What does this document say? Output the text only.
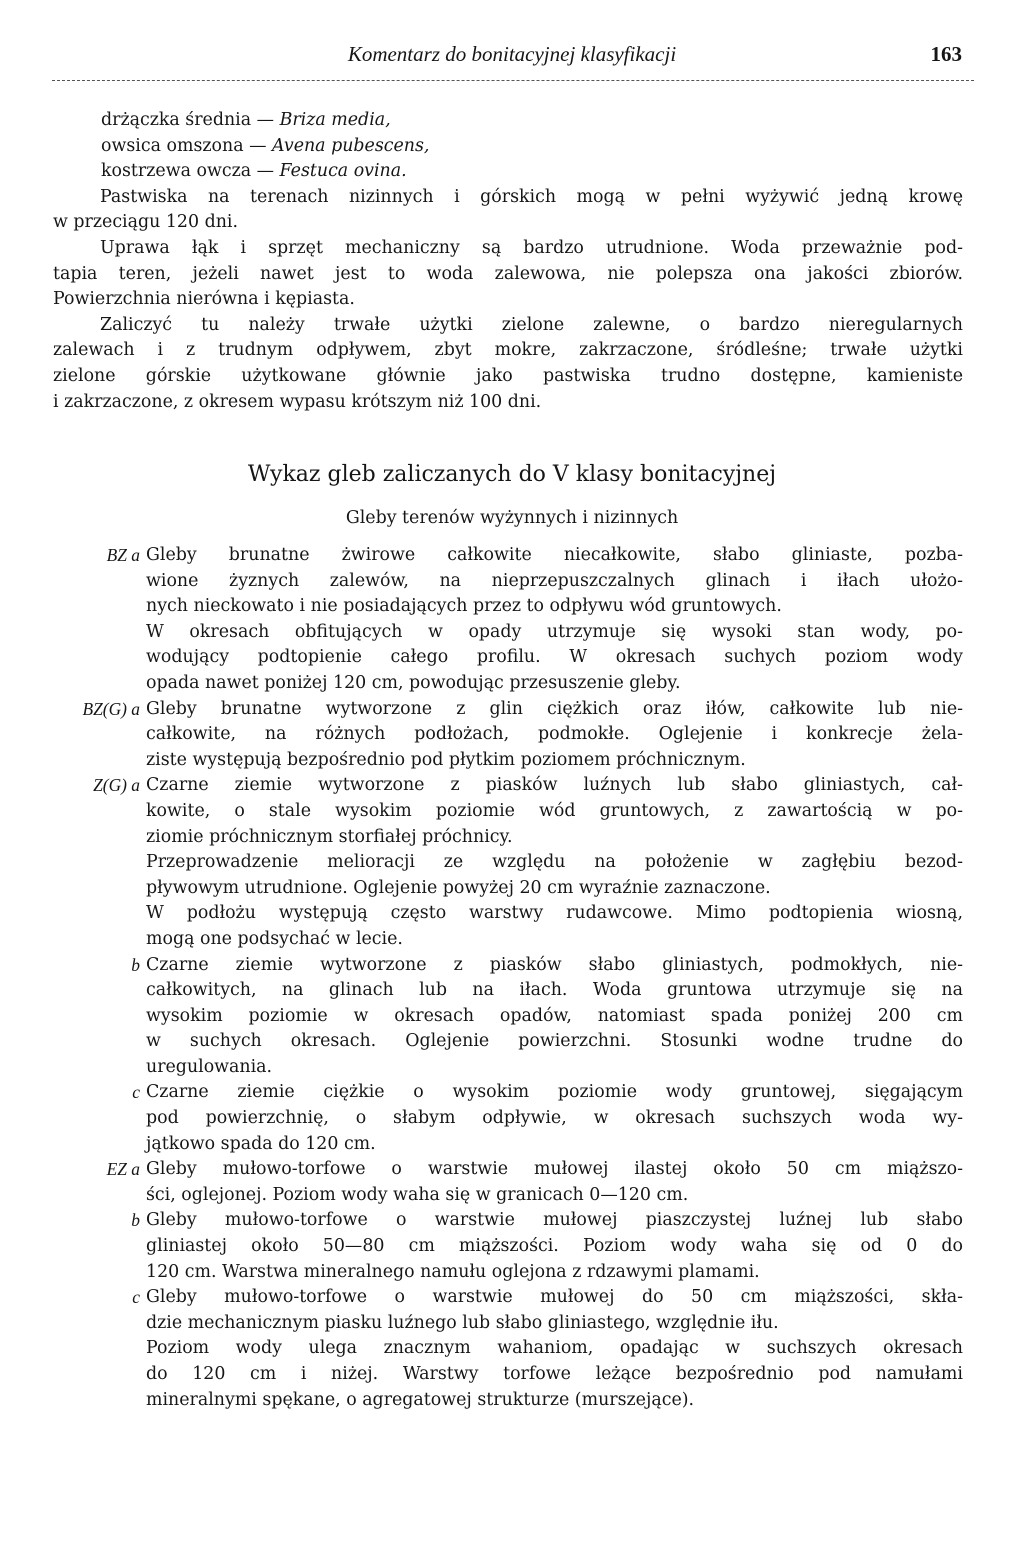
Komentarz do bonitacyjnej klasyfikacji	163
drżączka średnia — Briza media,
owsica omszona — Avena pubescens,
kostrzewa owcza — Festuca ovina.
Pastwiska na terenach nizinnych i górskich mogą w pełni wyżywić jedną krowę
w przeciągu 120 dni.
Uprawa łąk i sprzęt mechaniczny są bardzo utrudnione. Woda przeważnie pod-
tapia teren, jeżeli nawet jest to woda zalewowa, nie polepsza ona jakości zbiorów.
Powierzchnia nierówna i kępiasta.
Zaliczyć tu należy trwałe użytki zielone zalewne, o bardzo nieregularnych
zalewach i z trudnym odpływem, zbyt mokre, zakrzaczone, śródleśne; trwałe użytki
zielone górskie użytkowane głównie jako pastwiska trudno dostępne, kamieniste
i zakrzaczone, z okresem wypasu krótszym niż 100 dni.
Wykaz gleb zaliczanych do V klasy bonitacyjnej
Gleby terenów wyżynnych i nizinnych
BZ a Gleby brunatne żwirowe całkowite niecałkowite, słabo gliniaste, pozba-
wione żyznych zalewów, na nieprzepuszczalnych glinach i iłach ułożo-
nych nieckowato i nie posiadających przez to odpływu wód gruntowych.
W okresach obfitujących w opady utrzymuje się wysoki stan wody, po-
wodujący podtopienie całego profilu. W okresach suchych poziom wody
opada nawet poniżej 120 cm, powodując przesuszenie gleby.
BZ(G) a Gleby brunatne wytworzone z glin ciężkich oraz iłów, całkowite lub nie-
całkowite, na różnych podłożach, podmokłe. Oglejenie i konkrecje żela-
ziste występują bezpośrednio pod płytkim poziomem próchnicznym.
Z(G) a Czarne ziemie wytworzone z piasków luźnych lub słabo gliniastych, cał-
kowite, o stale wysokim poziomie wód gruntowych, z zawartością w po-
ziomie próchnicznym storfiałej próchnicy.
Przeprowadzenie melioracji ze względu na położenie w zagłębiu bezod-
pływowym utrudnione. Oglejenie powyżej 20 cm wyraźnie zaznaczone.
W podłożu występują często warstwy rudawcowe. Mimo podtopienia wiosną,
mogą one podsychać w lecie.
b Czarne ziemie wytworzone z piasków słabo gliniastych, podmokłych, nie-
całkowitych, na glinach lub na iłach. Woda gruntowa utrzymuje się na
wysokim poziomie w okresach opadów, natomiast spada poniżej 200 cm
w suchych okresach. Oglejenie powierzchni. Stosunki wodne trudne do
uregulowania.
c Czarne ziemie ciężkie o wysokim poziomie wody gruntowej, sięgającym
pod powierzchnię, o słabym odpływie, w okresach suchszych woda wy-
jątkowo spada do 120 cm.
EZ a Gleby mułowo-torfowe o warstwie mułowej ilastej około 50 cm miąższo-
ści, oglejonej. Poziom wody waha się w granicach 0—120 cm.
b Gleby mułowo-torfowe o warstwie mułowej piaszczystej luźnej lub słabo
gliniastej około 50—80 cm miąższości. Poziom wody waha się od 0 do
120 cm. Warstwa mineralnego namułu oglejona z rdzawymi plamami.
c Gleby mułowo-torfowe o warstwie mułowej do 50 cm miąższości, skła-
dzie mechanicznym piasku luźnego lub słabo gliniastego, względnie iłu.
Poziom wody ulega znacznym wahaniom, opadając w suchszych okresach
do 120 cm i niżej. Warstwy torfowe leżące bezpośrednio pod namułami
mineralnymi spękane, o agregatowej strukturze (murszejące).
